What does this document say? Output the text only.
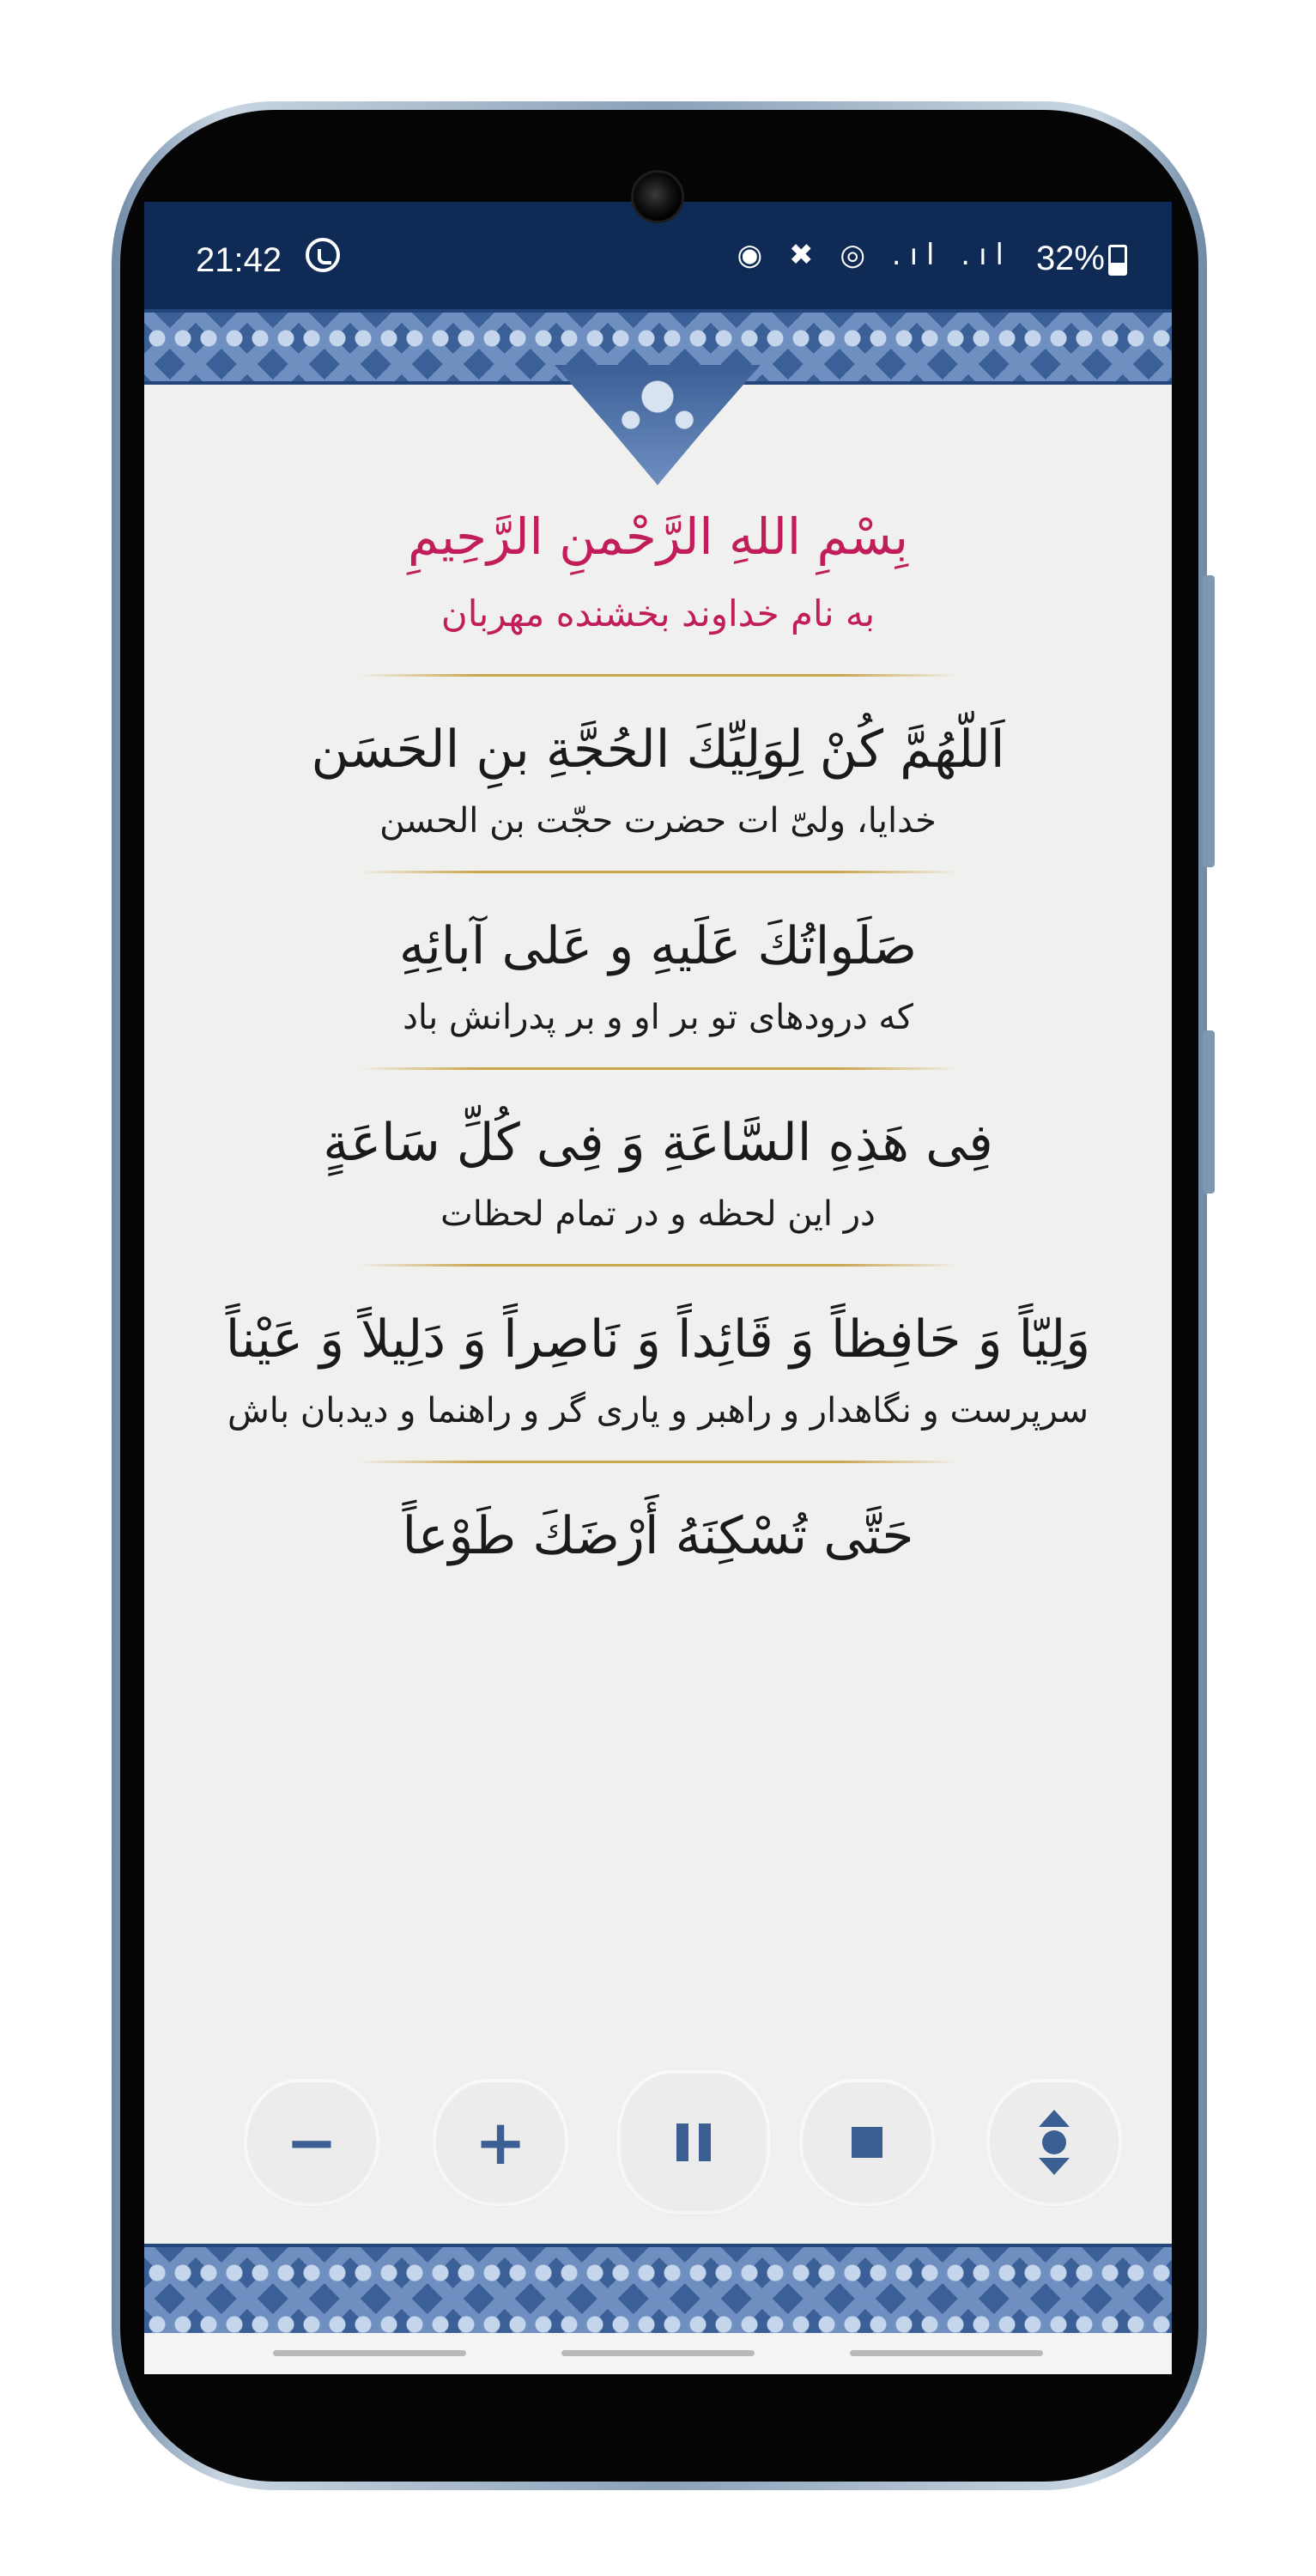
21:42	◉ ✖ ◎ .ıl .ıl 32%

بِسْمِ اللهِ الرَّحْمنِ الرَّحِيمِ

به نام خداوند بخشنده مهربان

اَللّهُمَّ كُنْ لِوَلِيِّكَ الحُجَّةِ بنِ الحَسَن
خدایا، ولیّ ات حضرت حجّت بن الحسن
صَلَواتُكَ عَلَيهِ و عَلى آبائِهِ
که درودهای تو بر او و بر پدرانش باد
فِی هَذِهِ السَّاعَةِ وَ فِی كُلِّ سَاعَةٍ
در این لحظه و در تمام لحظات
وَلِيّاً وَ حَافِظاً وَ قَائِداً وَ نَاصِراً وَ دَلِيلاً وَ عَيْناً
سرپرست و نگاهدار و راهبر و یاری گر و راهنما و دیدبان باش
حَتَّى تُسْكِنَهُ أَرْضَكَ طَوْعاً
− +
